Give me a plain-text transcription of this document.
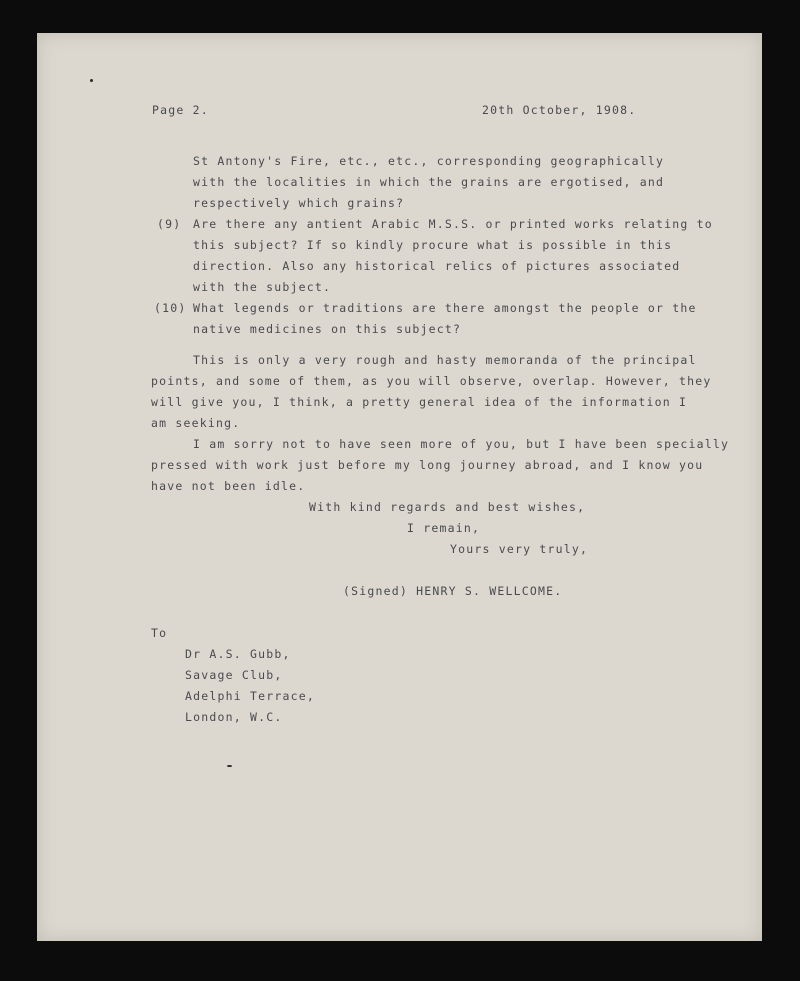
Page 2.	20th October, 1908.
St Antony's Fire, etc., etc., corresponding geographically
with the localities in which the grains are ergotised, and
respectively which grains?
(9) Are there any antient Arabic M.S.S. or printed works relating to
this subject? If so kindly procure what is possible in this
direction. Also any historical relics of pictures associated
with the subject.
(10) What legends or traditions are there amongst the people or the
native medicines on this subject?
This is only a very rough and hasty memoranda of the principal
points, and some of them, as you will observe, overlap. However, they
will give you, I think, a pretty general idea of the information I
am seeking.
I am sorry not to have seen more of you, but I have been specially
pressed with work just before my long journey abroad, and I know you
have not been idle.
With kind regards and best wishes,
I remain,
Yours very truly,
(Signed) HENRY S. WELLCOME.
To
Dr A.S. Gubb,
Savage Club,
Adelphi Terrace,
London, W.C.
